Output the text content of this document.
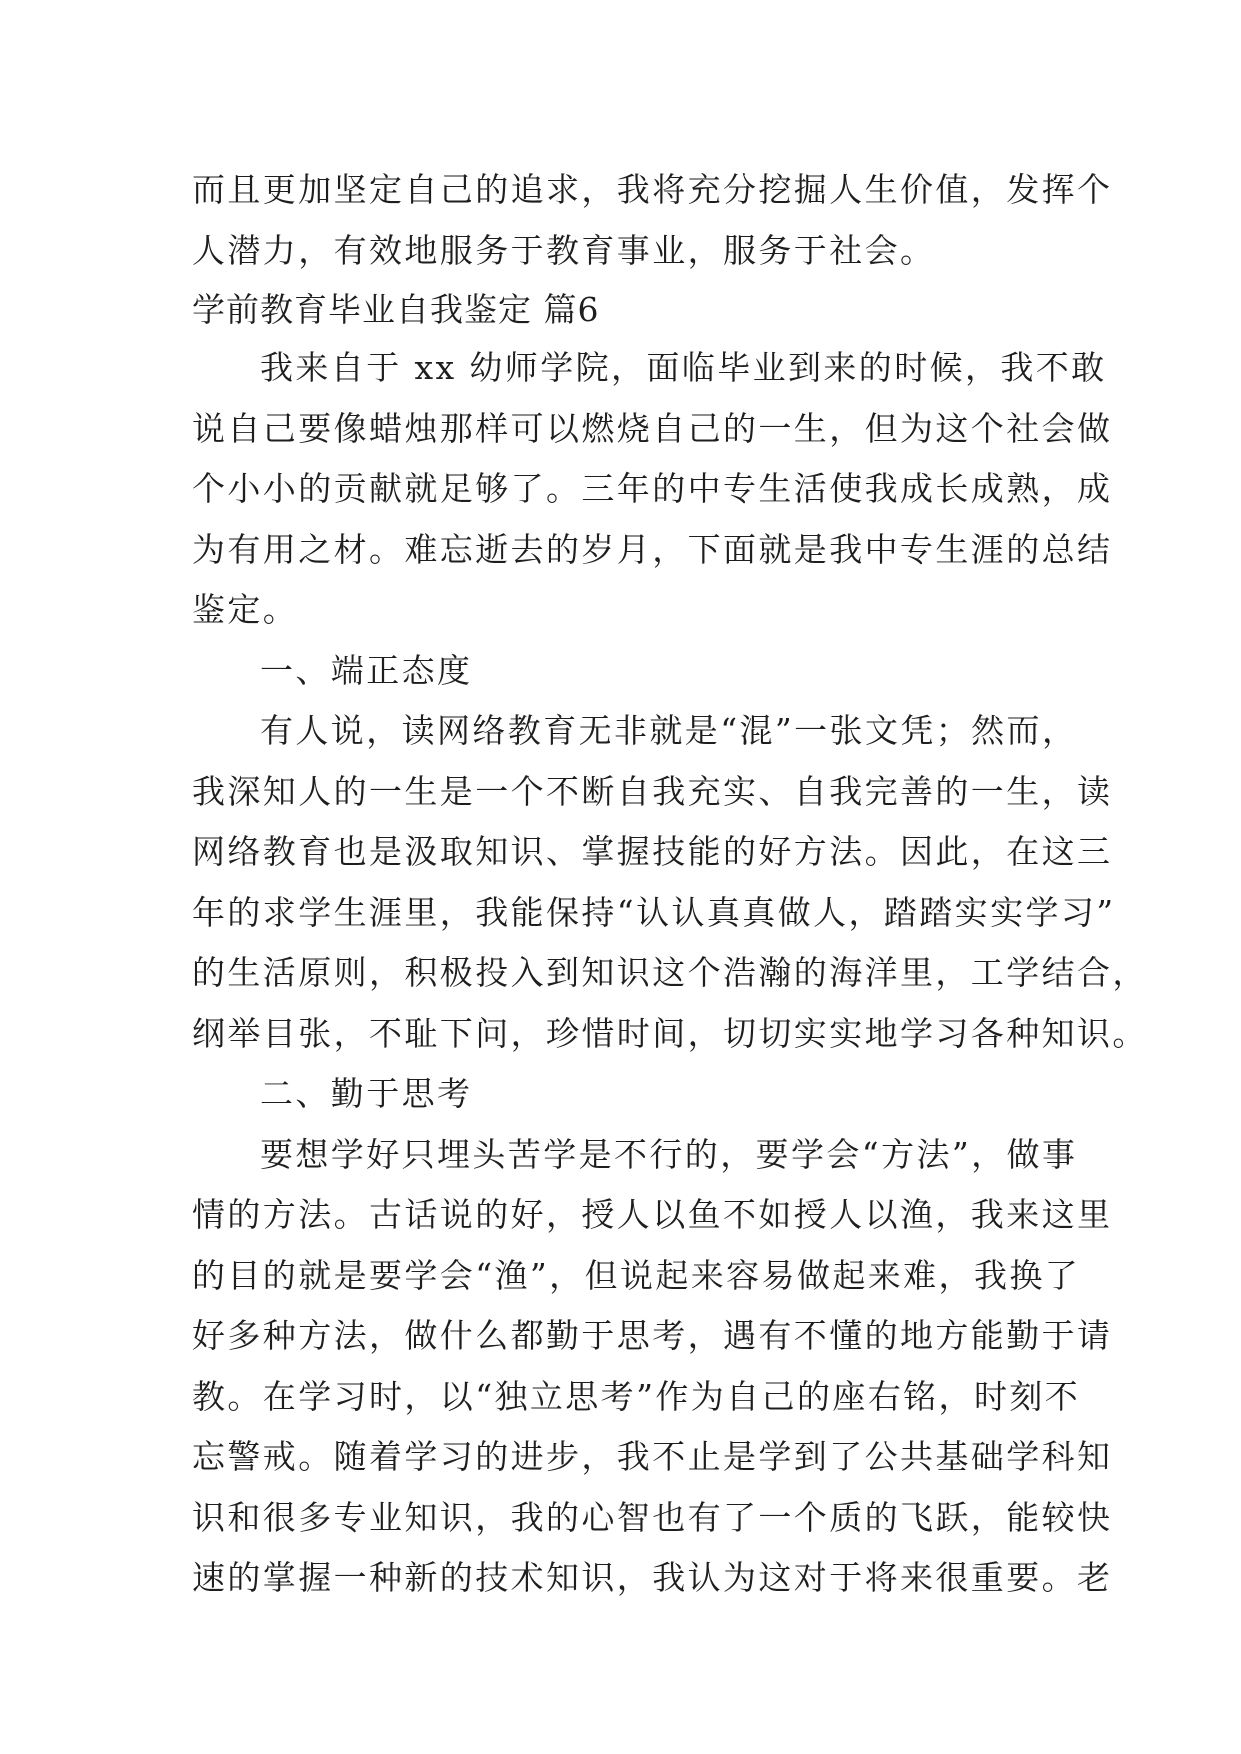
而且更加坚定自己的追求，我将充分挖掘人生价值，发挥个
人潜力，有效地服务于教育事业，服务于社会。
学前教育毕业自我鉴定 篇6
我来自于 xx 幼师学院，面临毕业到来的时候，我不敢
说自己要像蜡烛那样可以燃烧自己的一生，但为这个社会做
个小小的贡献就足够了。三年的中专生活使我成长成熟，成
为有用之材。难忘逝去的岁月，下面就是我中专生涯的总结
鉴定。
一、端正态度
有人说，读网络教育无非就是“混”一张文凭；然而，
我深知人的一生是一个不断自我充实、自我完善的一生，读
网络教育也是汲取知识、掌握技能的好方法。因此，在这三
年的求学生涯里，我能保持“认认真真做人，踏踏实实学习”
的生活原则，积极投入到知识这个浩瀚的海洋里，工学结合，
纲举目张，不耻下问，珍惜时间，切切实实地学习各种知识。
二、勤于思考
要想学好只埋头苦学是不行的，要学会“方法”，做事
情的方法。古话说的好，授人以鱼不如授人以渔，我来这里
的目的就是要学会“渔”，但说起来容易做起来难，我换了
好多种方法，做什么都勤于思考，遇有不懂的地方能勤于请
教。在学习时，以“独立思考”作为自己的座右铭，时刻不
忘警戒。随着学习的进步，我不止是学到了公共基础学科知
识和很多专业知识，我的心智也有了一个质的飞跃，能较快
速的掌握一种新的技术知识，我认为这对于将来很重要。老
